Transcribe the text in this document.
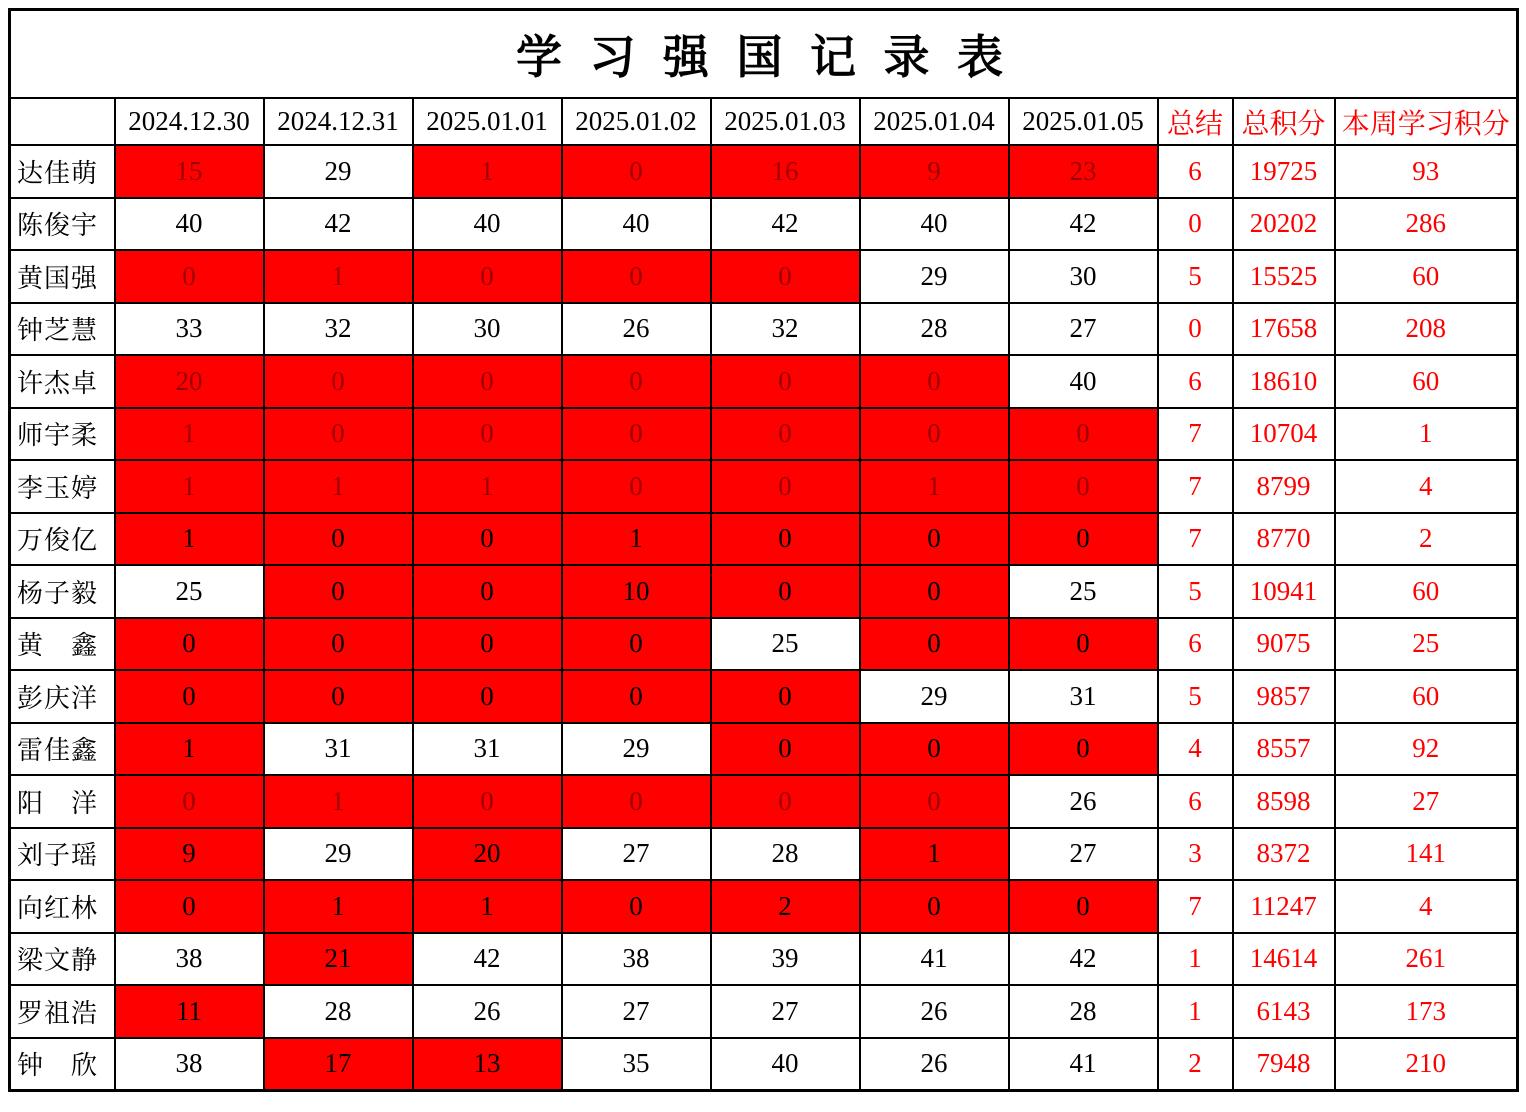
学 习 强 国 记 录 表										
	2024.12.30	2024.12.31	2025.01.01	2025.01.02	2025.01.03	2025.01.04	2025.01.05	总结	总积分	本周学习积分

达佳萌	15	29	1	0	16	9	23	6	19725	93

陈俊宇	40	42	40	40	42	40	42	0	20202	286

黄国强	0	1	0	0	0	29	30	5	15525	60

钟芝慧	33	32	30	26	32	28	27	0	17658	208

许杰卓	20	0	0	0	0	0	40	6	18610	60

师宇柔	1	0	0	0	0	0	0	7	10704	1

李玉婷	1	1	1	0	0	1	0	7	8799	4

万俊亿	1	0	0	1	0	0	0	7	8770	2

杨子毅	25	0	0	10	0	0	25	5	10941	60

黄鑫	0	0	0	0	25	0	0	6	9075	25

彭庆洋	0	0	0	0	0	29	31	5	9857	60

雷佳鑫	1	31	31	29	0	0	0	4	8557	92

阳洋	0	1	0	0	0	0	26	6	8598	27

刘子瑶	9	29	20	27	28	1	27	3	8372	141

向红林	0	1	1	0	2	0	0	7	11247	4

梁文静	38	21	42	38	39	41	42	1	14614	261

罗祖浩	11	28	26	27	27	26	28	1	6143	173

钟欣	38	17	13	35	40	26	41	2	7948	210
